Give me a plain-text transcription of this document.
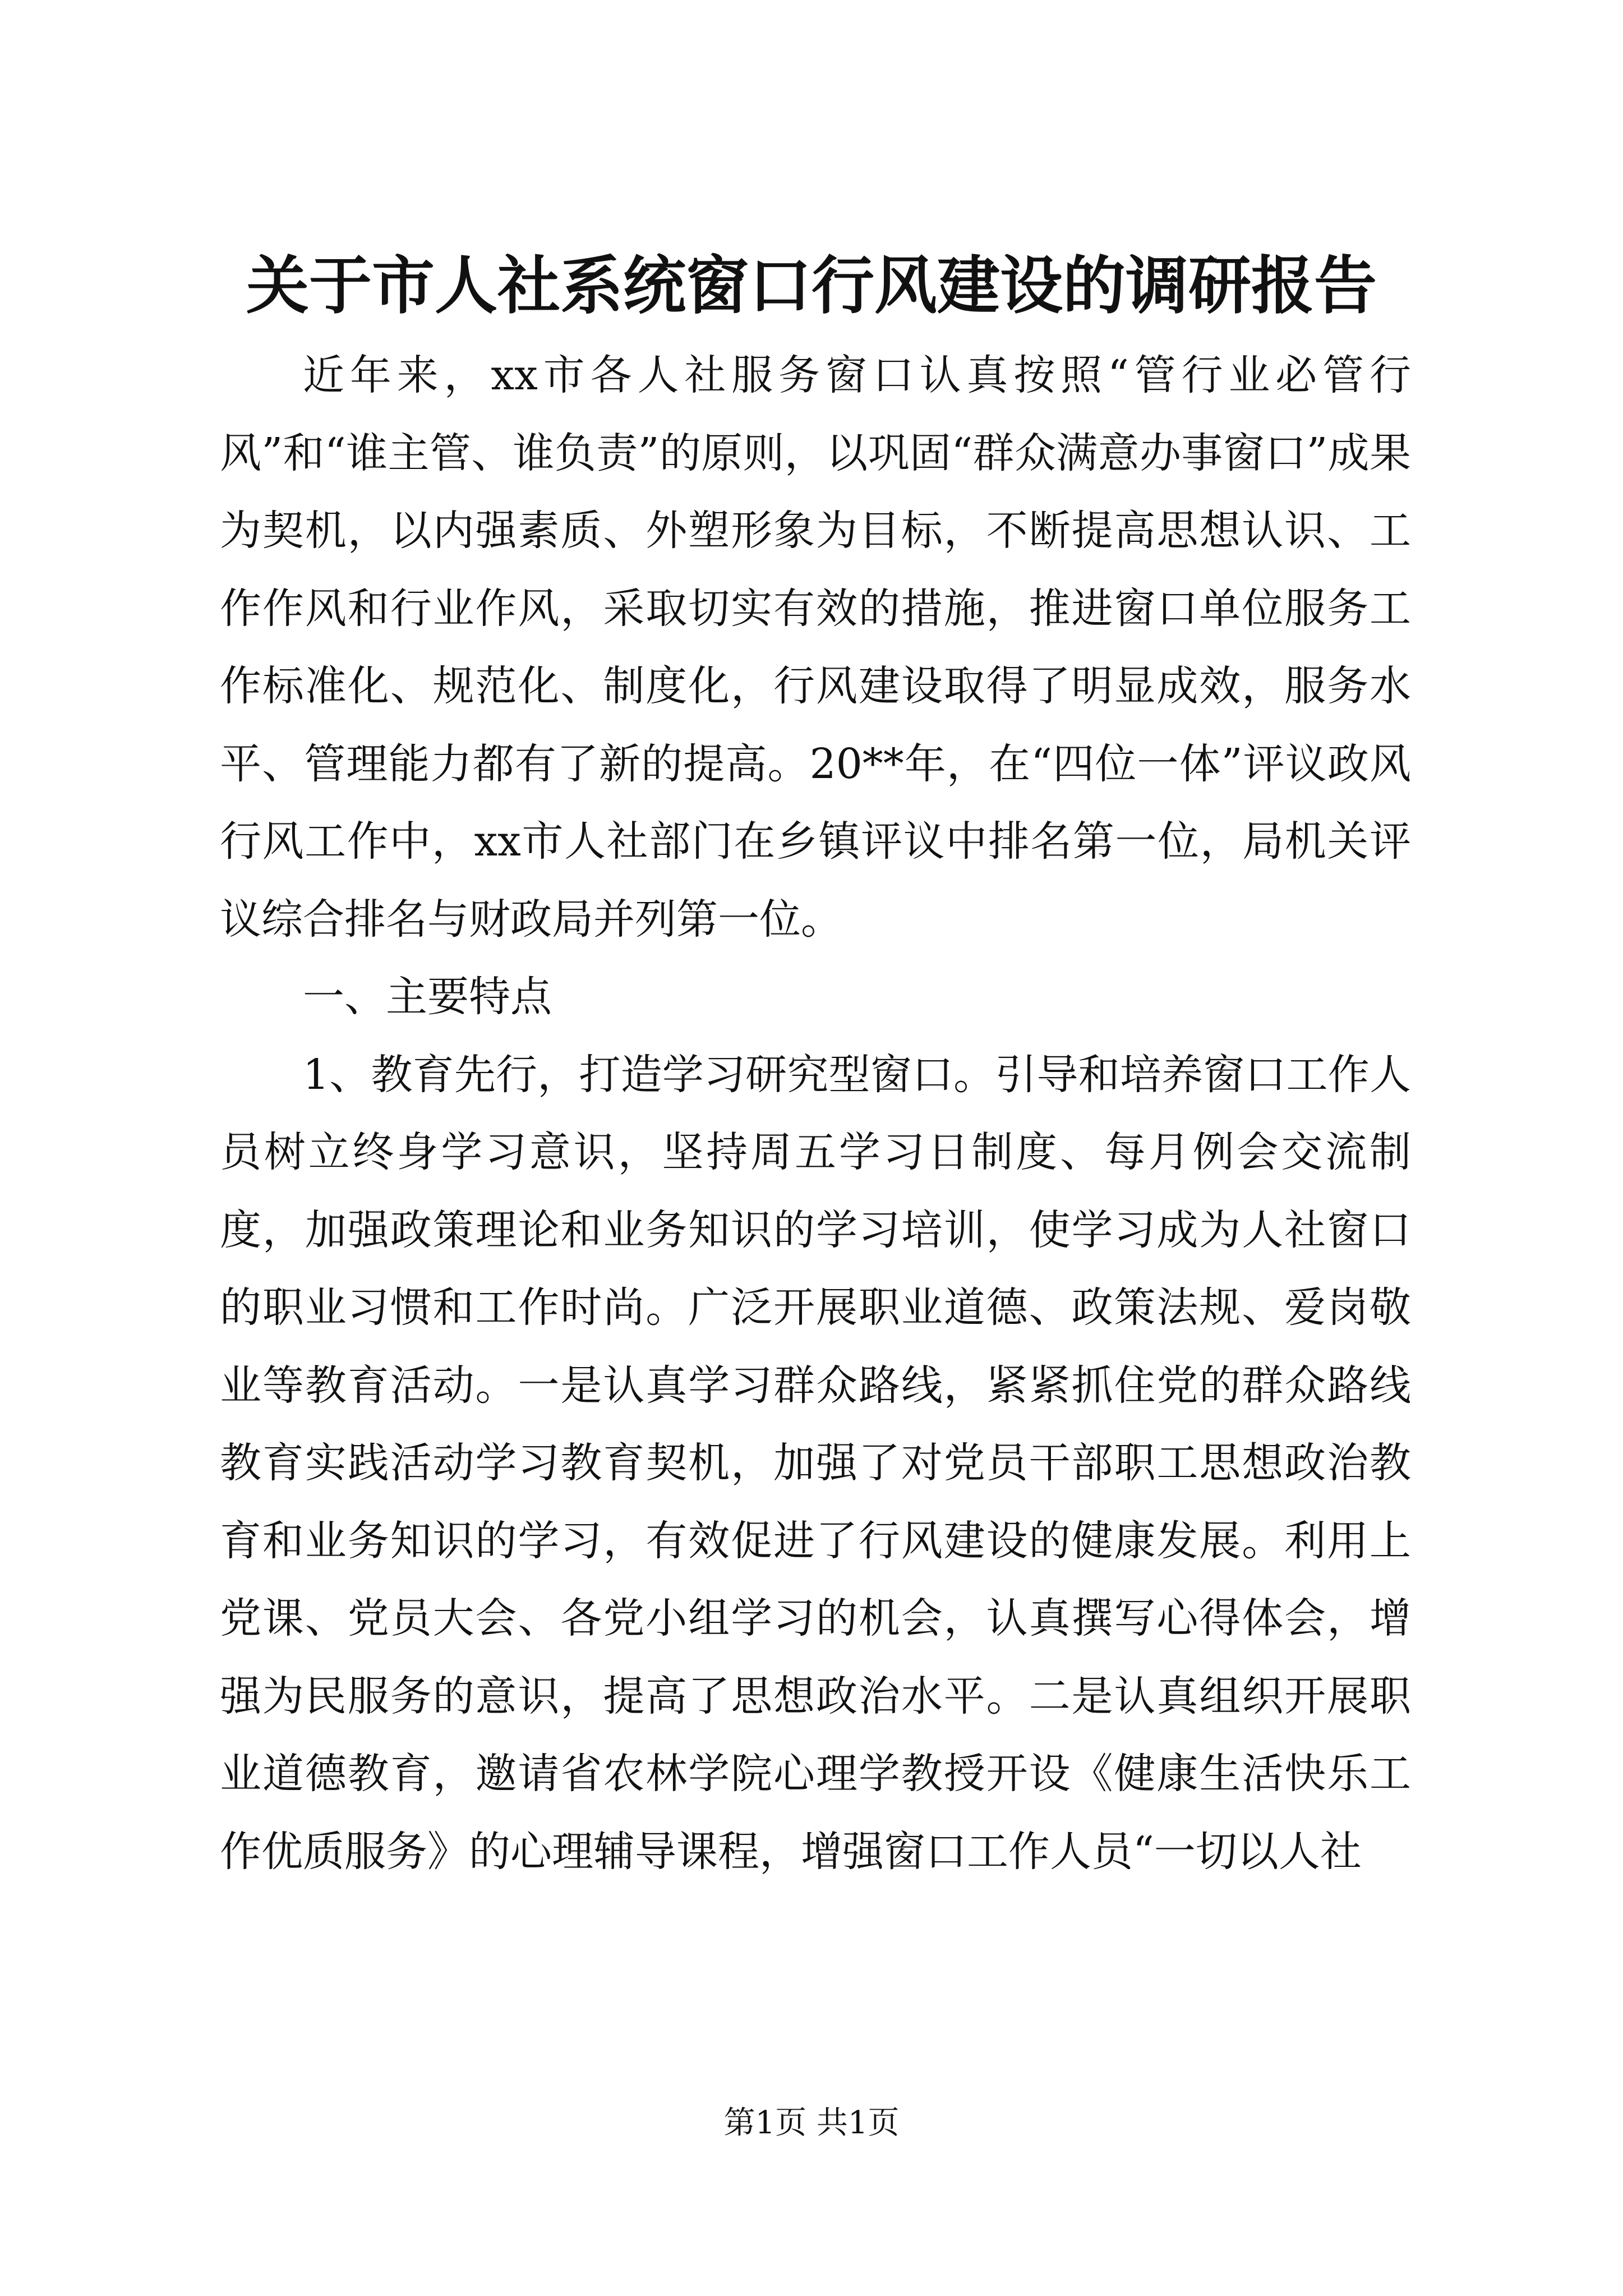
关于市人社系统窗口行风建设的调研报告

近年来，xx市各人社服务窗口认真按照“管行业必管行风”和“谁主管、谁负责”的原则，以巩固“群众满意办事窗口”成果为契机，以内强素质、外塑形象为目标，不断提高思想认识、工作作风和行业作风，采取切实有效的措施，推进窗口单位服务工作标准化、规范化、制度化，行风建设取得了明显成效，服务水平、管理能力都有了新的提高。20**年，在“四位一体”评议政风行风工作中，xx市人社部门在乡镇评议中排名第一位，局机关评议综合排名与财政局并列第一位。

一、主要特点

1、教育先行，打造学习研究型窗口。引导和培养窗口工作人员树立终身学习意识，坚持周五学习日制度、每月例会交流制度，加强政策理论和业务知识的学习培训，使学习成为人社窗口的职业习惯和工作时尚。广泛开展职业道德、政策法规、爱岗敬业等教育活动。一是认真学习群众路线，紧紧抓住党的群众路线教育实践活动学习教育契机，加强了对党员干部职工思想政治教育和业务知识的学习，有效促进了行风建设的健康发展。利用上党课、党员大会、各党小组学习的机会，认真撰写心得体会，增强为民服务的意识，提高了思想政治水平。二是认真组织开展职业道德教育，邀请省农林学院心理学教授开设《健康生活快乐工作优质服务》的心理辅导课程，增强窗口工作人员“一切以人社

第1页 共1页
